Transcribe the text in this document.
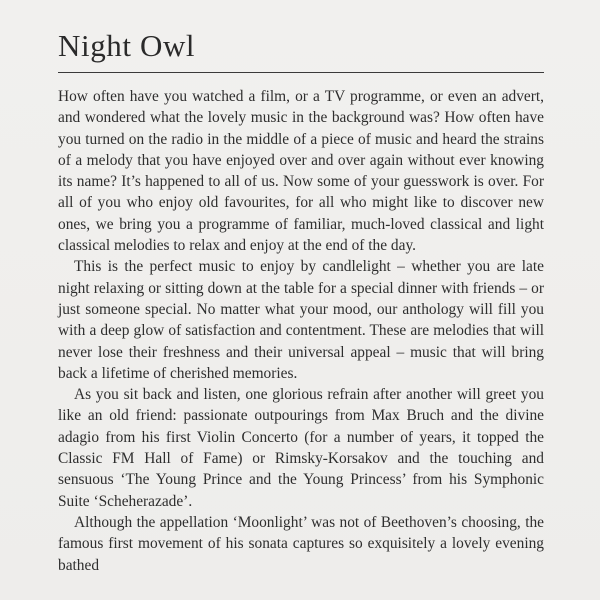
Night Owl

How often have you watched a film, or a TV programme, or even an advert, and wondered what the lovely music in the background was? How often have you turned on the radio in the middle of a piece of music and heard the strains of a melody that you have enjoyed over and over again without ever knowing its name? It’s happened to all of us. Now some of your guesswork is over. For all of you who enjoy old favourites, for all who might like to discover new ones, we bring you a programme of familiar, much-loved classical and light classical melodies to relax and enjoy at the end of the day.

This is the perfect music to enjoy by candlelight – whether you are late night relaxing or sitting down at the table for a special dinner with friends – or just someone special. No matter what your mood, our anthology will fill you with a deep glow of satisfaction and contentment. These are melodies that will never lose their freshness and their universal appeal – music that will bring back a lifetime of cherished memories.

As you sit back and listen, one glorious refrain after another will greet you like an old friend: passionate outpourings from Max Bruch and the divine adagio from his first Violin Concerto (for a number of years, it topped the Classic FM Hall of Fame) or Rimsky-Korsakov and the touching and sensuous ‘The Young Prince and the Young Princess’ from his Symphonic Suite ‘Scheherazade’.

Although the appellation ‘Moonlight’ was not of Beethoven’s choosing, the famous first movement of his sonata captures so exquisitely a lovely evening bathed
